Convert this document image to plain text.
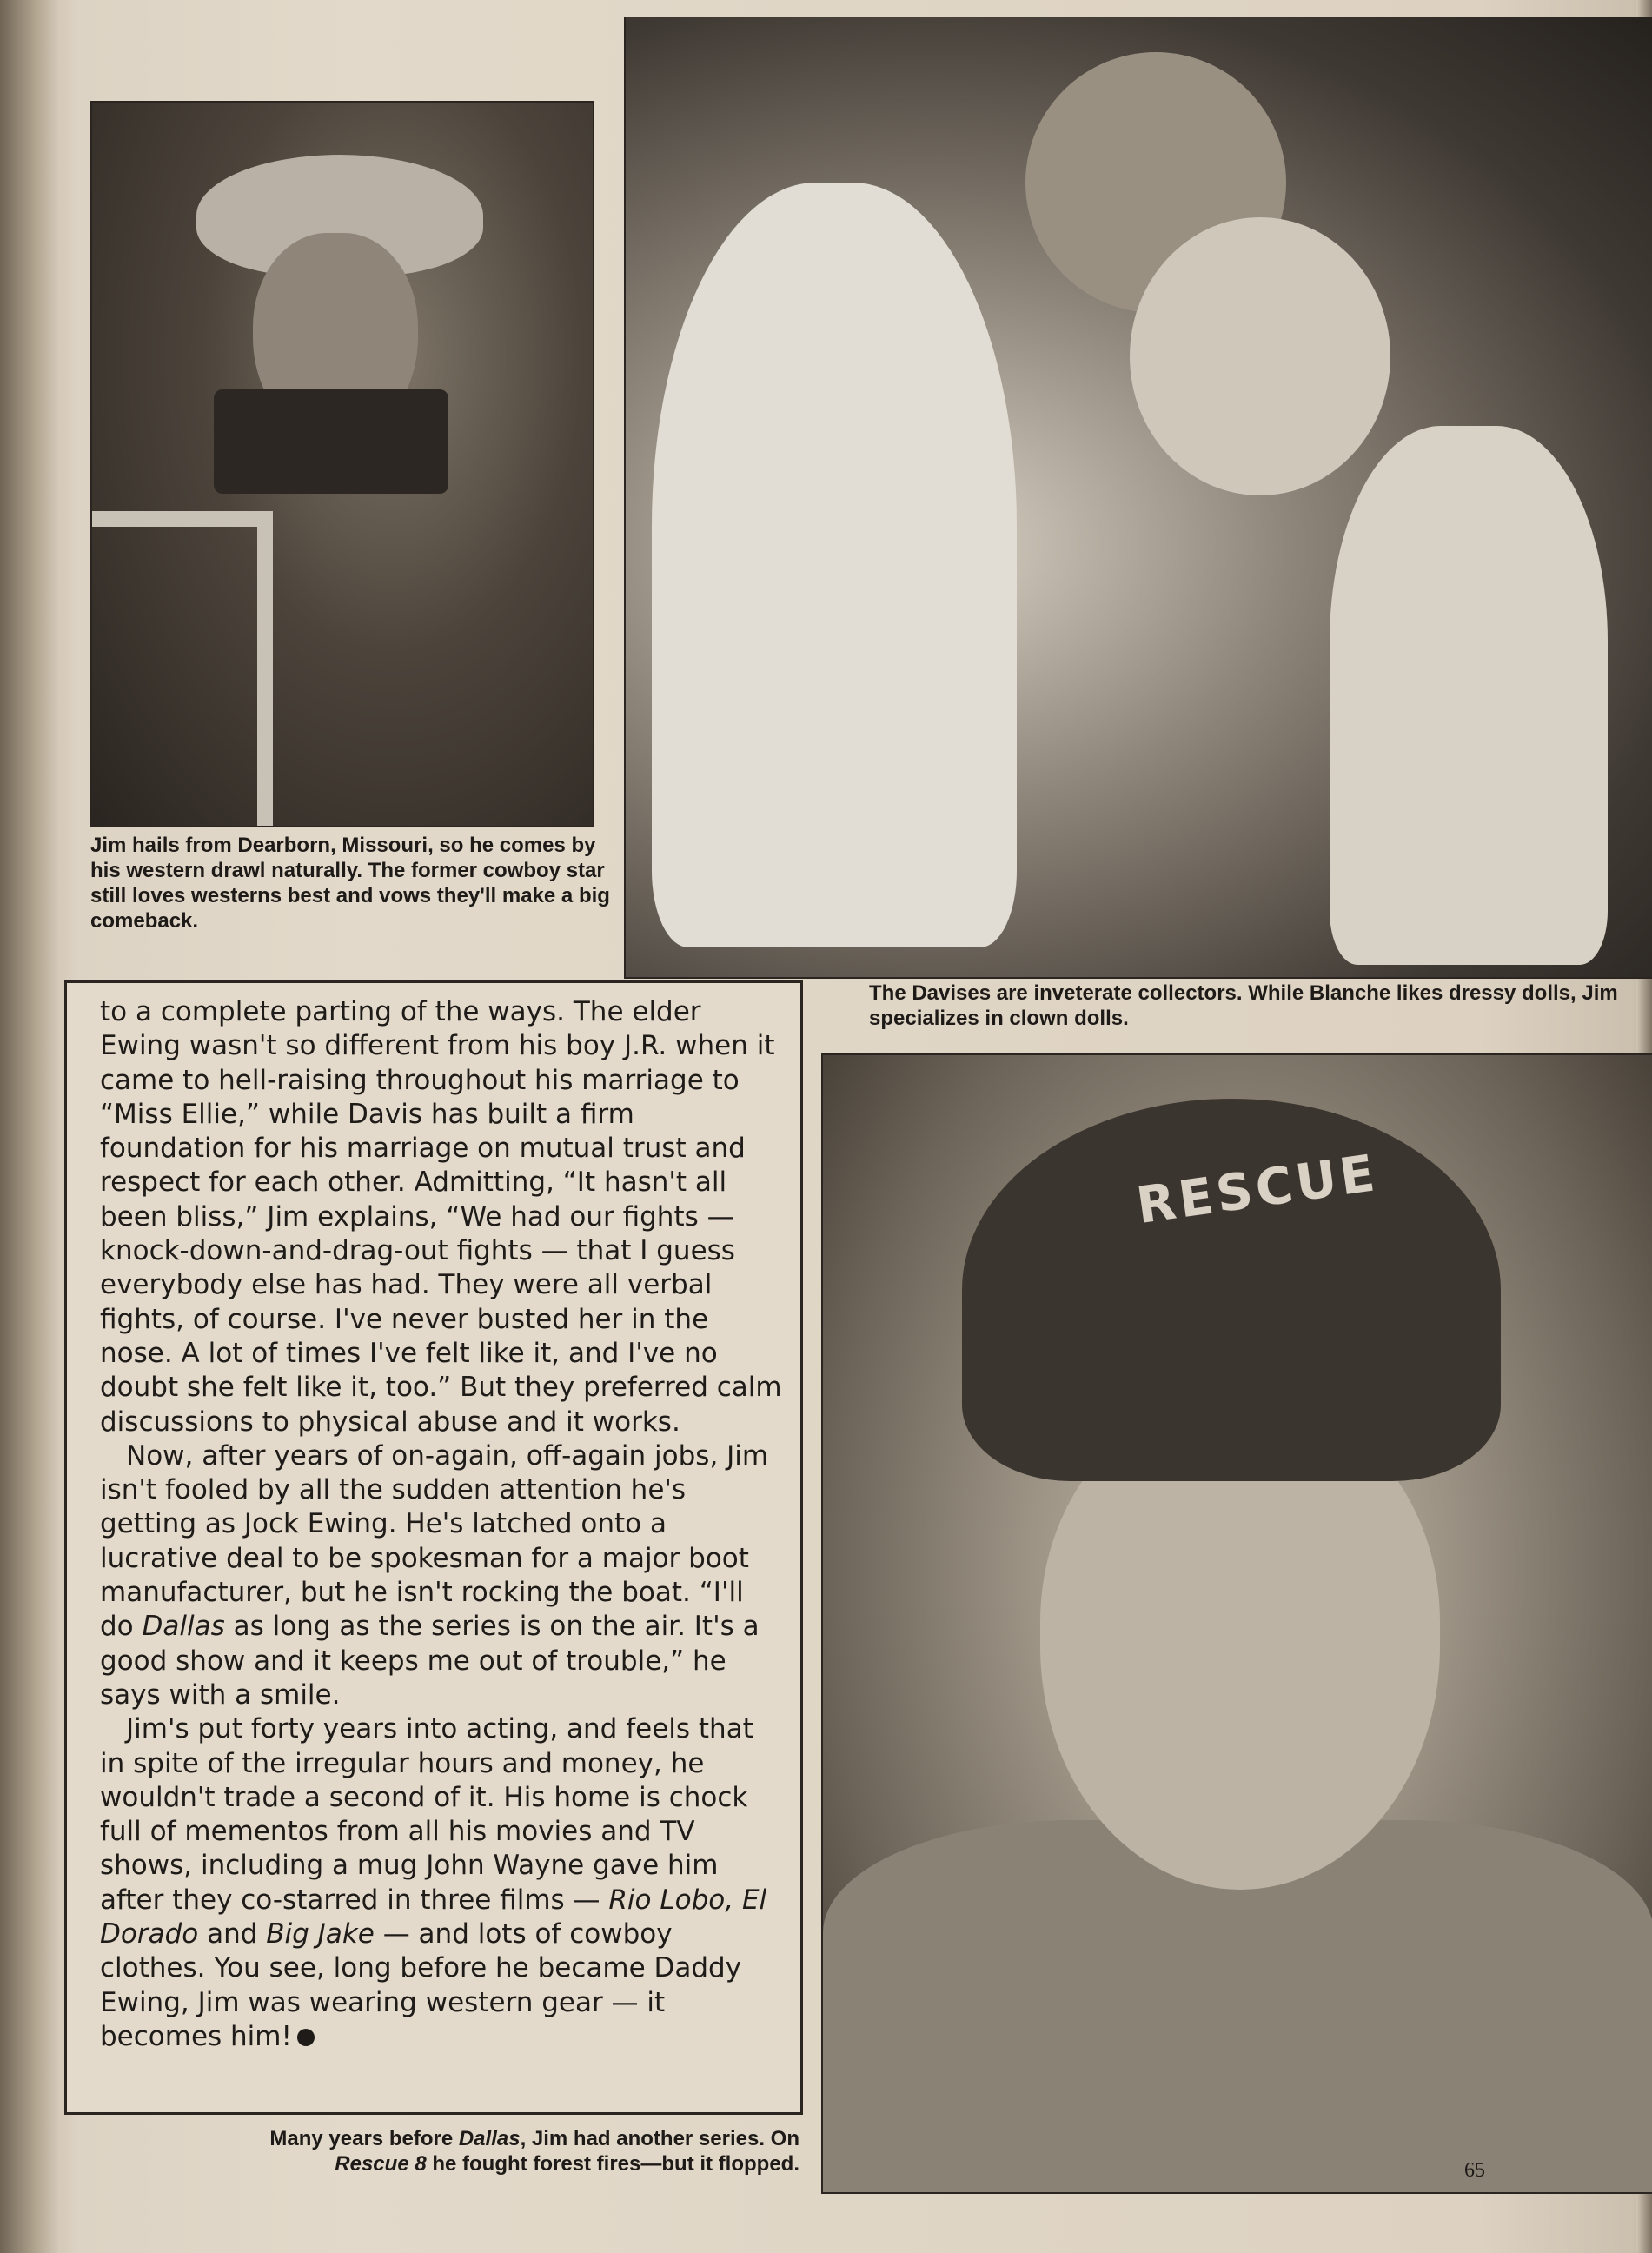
Jim hails from Dearborn, Missouri, so he comes by his western drawl naturally. The former cowboy star still loves westerns best and vows they'll make a big comeback.
The Davises are inveterate collectors. While Blanche likes dressy dolls, Jim specializes in clown dolls.

to a complete parting of the ways. The elder Ewing wasn't so different from his boy J.R. when it came to hell-raising throughout his marriage to “Miss Ellie,” while Davis has built a firm foundation for his marriage on mutual trust and respect for each other. Admitting, “It hasn't all been bliss,” Jim explains, “We had our fights — knock-down-and-drag-out fights — that I guess everybody else has had. They were all verbal fights, of course. I've never busted her in the nose. A lot of times I've felt like it, and I've no doubt she felt like it, too.” But they preferred calm discussions to physical abuse and it works.

Now, after years of on-again, off-again jobs, Jim isn't fooled by all the sudden attention he's getting as Jock Ewing. He's latched onto a lucrative deal to be spokesman for a major boot manufacturer, but he isn't rocking the boat. “I'll do Dallas as long as the series is on the air. It's a good show and it keeps me out of trouble,” he says with a smile.

Jim's put forty years into acting, and feels that in spite of the irregular hours and money, he wouldn't trade a second of it. His home is chock full of mementos from all his movies and TV shows, including a mug John Wayne gave him after they co-starred in three films — Rio Lobo, El Dorado and Big Jake — and lots of cowboy clothes. You see, long before he became Daddy Ewing, Jim was wearing western gear — it becomes him!

RESCUE
Many years before Dallas, Jim had another series. On Rescue 8 he fought forest fires—but it flopped.	65
